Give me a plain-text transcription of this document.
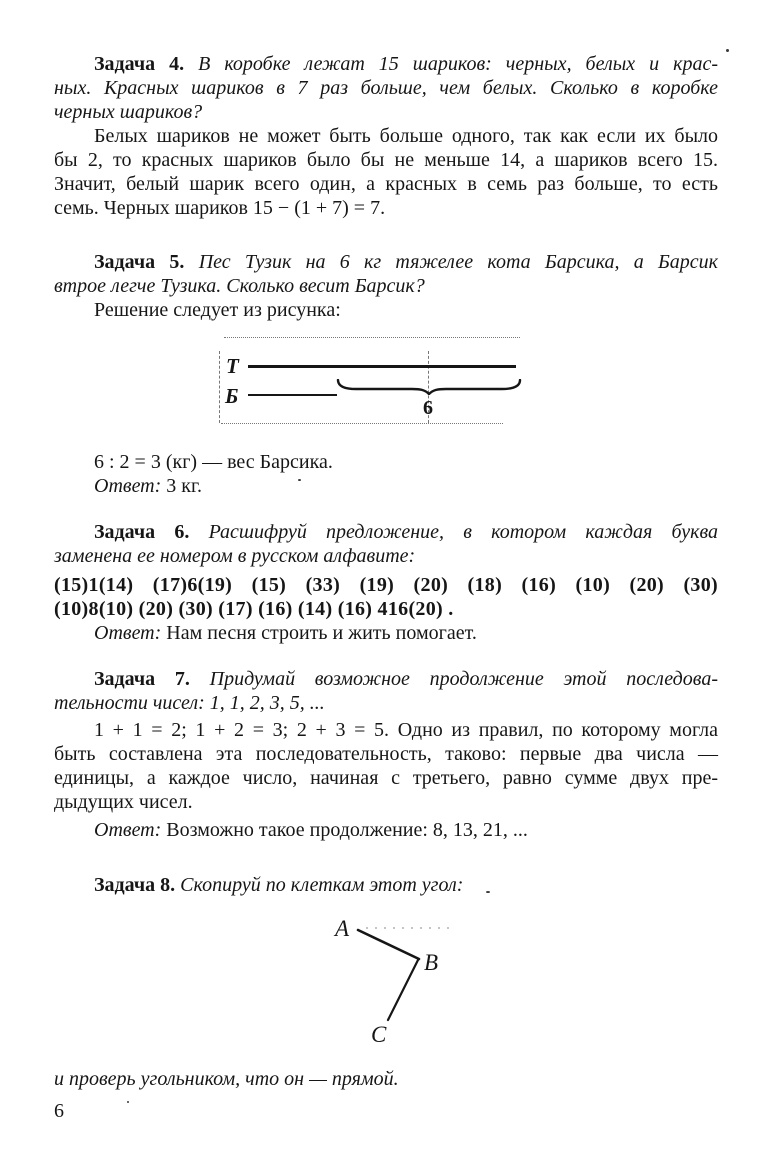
Задача 4. В коробке лежат 15 шариков: черных, белых и крас-
ных. Красных шариков в 7 раз больше, чем белых. Сколько в коробке
черных шариков?
Белых шариков не может быть больше одного, так как если их было
бы 2, то красных шариков было бы не меньше 14, а шариков всего 15.
Значит, белый шарик всего один, а красных в семь раз больше, то есть
семь. Черных шариков 15 − (1 + 7) = 7.
Задача 5. Пес Тузик на 6 кг тяжелее кота Барсика, а Барсик
втрое легче Тузика. Сколько весит Барсик?
Решение следует из рисунка:
Т
Б	6
6 : 2 = 3 (кг) — вес Барсика.
Ответ: 3 кг.
Задача 6. Расшифруй предложение, в котором каждая буква
заменена ее номером в русском алфавите:
(15)1(14) (17)6(19) (15) (33) (19) (20) (18) (16) (10) (20) (30)
(10)8(10) (20) (30) (17) (16) (14) (16) 416(20) .
Ответ: Нам песня строить и жить помогает.
Задача 7. Придумай возможное продолжение этой последова-
тельности чисел: 1, 1, 2, 3, 5, ...
1 + 1 = 2; 1 + 2 = 3; 2 + 3 = 5. Одно из правил, по которому могла
быть составлена эта последовательность, таково: первые два числа —
единицы, а каждое число, начиная с третьего, равно сумме двух пре-
дыдущих чисел.
Ответ: Возможно такое продолжение: 8, 13, 21, ...
Задача 8. Скопируй по клеткам этот угол:
A
B
C
и проверь угольником, что он — прямой.
6
